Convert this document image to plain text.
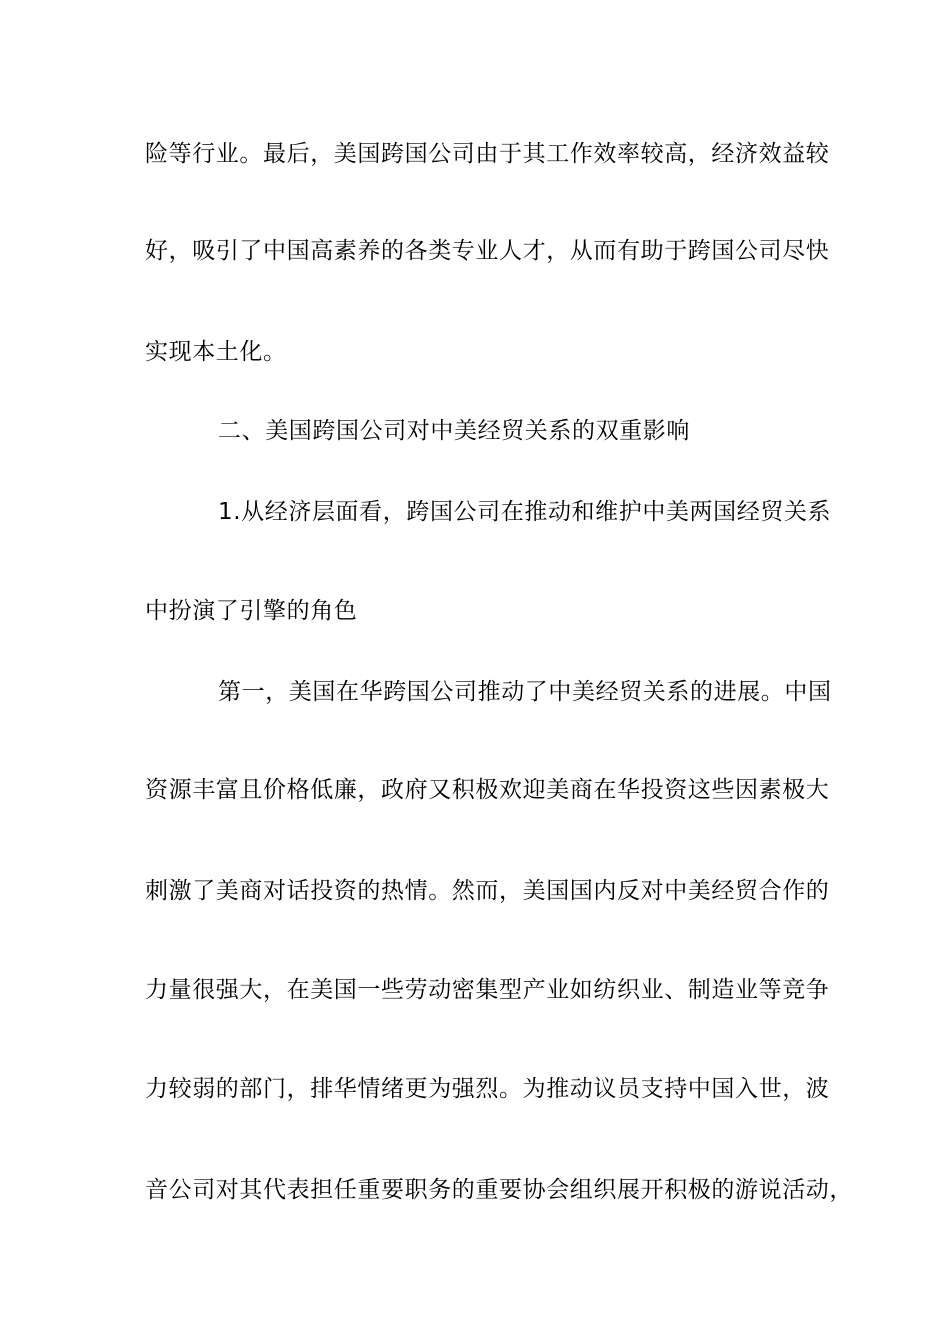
险等行业。最后，美国跨国公司由于其工作效率较高，经济效益较
好，吸引了中国高素养的各类专业人才，从而有助于跨国公司尽快
实现本土化。
二、美国跨国公司对中美经贸关系的双重影响
1.从经济层面看，跨国公司在推动和维护中美两国经贸关系
中扮演了引擎的角色
第一，美国在华跨国公司推动了中美经贸关系的进展。中国
资源丰富且价格低廉，政府又积极欢迎美商在华投资这些因素极大
刺激了美商对话投资的热情。然而，美国国内反对中美经贸合作的
力量很强大，在美国一些劳动密集型产业如纺织业、制造业等竞争
力较弱的部门，排华情绪更为强烈。为推动议员支持中国入世，波
音公司对其代表担任重要职务的重要协会组织展开积极的游说活动，
